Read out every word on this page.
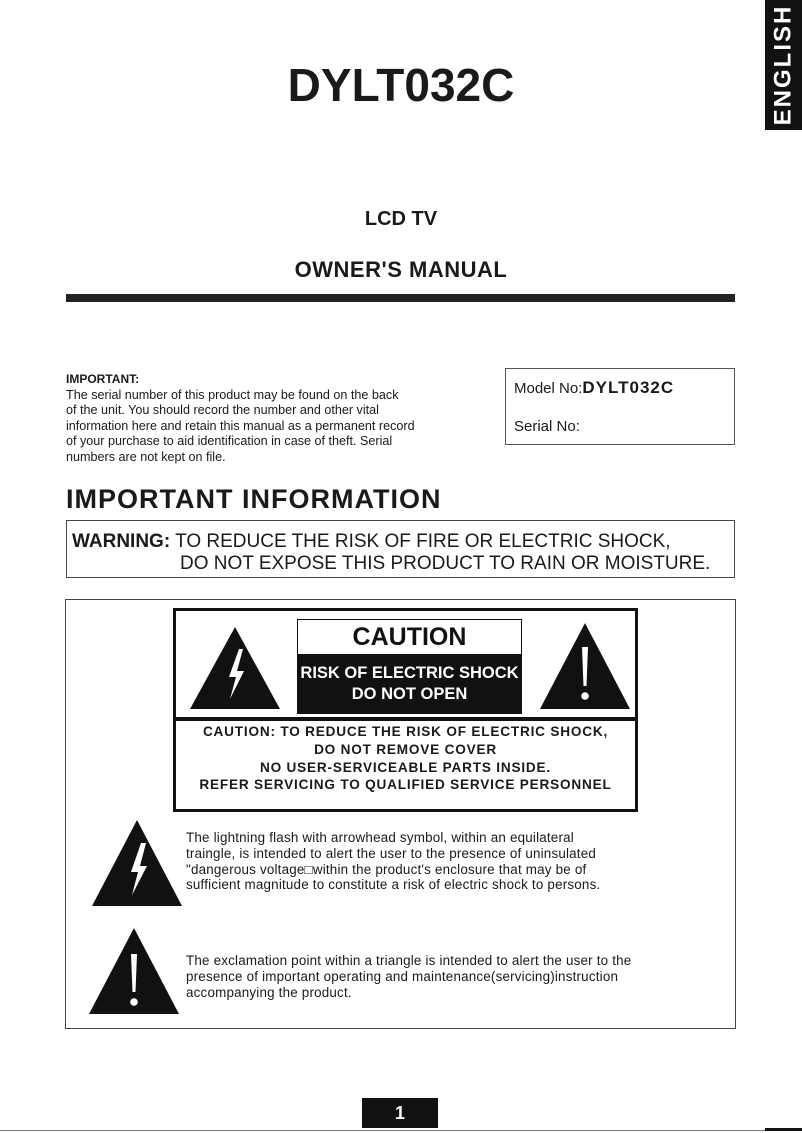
ENGLISH
DYLT032C
LCD TV
OWNER'S MANUAL
IMPORTANT:
The serial number of this product may be found on the back
of the unit. You should record the number and other vital
information here and retain this manual as a permanent record
of your purchase to aid identification in case of theft. Serial
numbers are not kept on file.
Model No:DYLT032C
Serial No:
IMPORTANT INFORMATION
WARNING: TO REDUCE THE RISK OF FIRE OR ELECTRIC SHOCK,
DO NOT EXPOSE THIS PRODUCT TO RAIN OR MOISTURE.
CAUTION
RISK OF ELECTRIC SHOCK
DO NOT OPEN
CAUTION: TO REDUCE THE RISK OF ELECTRIC SHOCK,
DO NOT REMOVE COVER
NO USER-SERVICEABLE PARTS INSIDE.
REFER SERVICING TO QUALIFIED SERVICE PERSONNEL
The lightning flash with arrowhead symbol, within an equilateral
traingle, is intended to alert the user to the presence of uninsulated
"dangerous voltage□within the product's enclosure that may be of
sufficient magnitude to constitute a risk of electric shock to persons.
The exclamation point within a triangle is intended to alert the user to the
presence of important operating and maintenance(servicing)instruction
accompanying the product.
1
